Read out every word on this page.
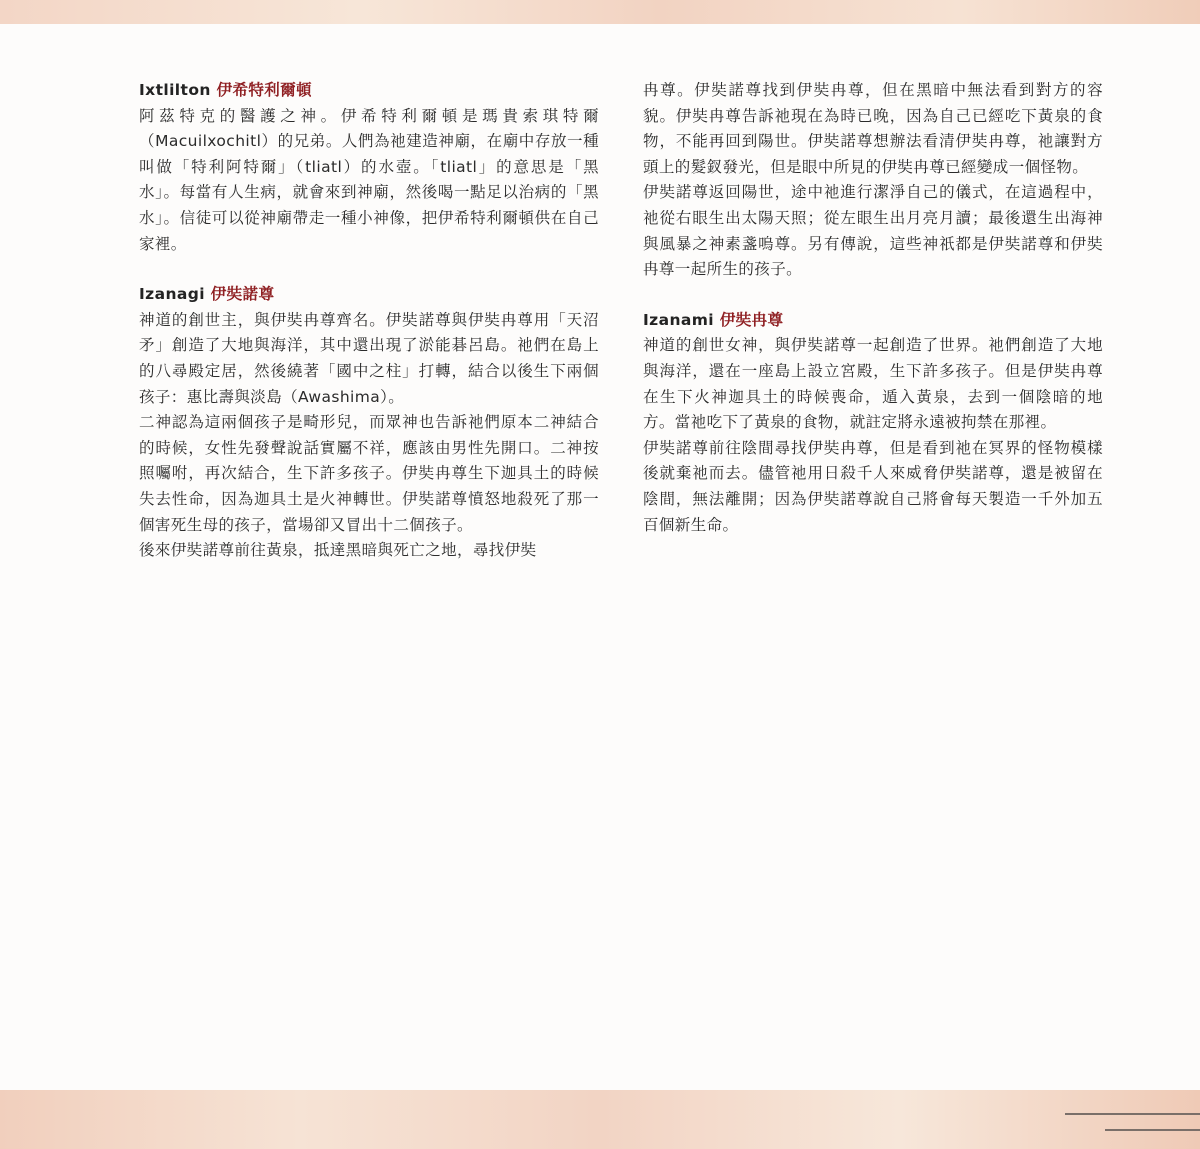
Ixtlilton 伊希特利爾頓

阿茲特克的醫護之神。伊希特利爾頓是瑪貴索琪特爾（Macuilxochitl）的兄弟。人們為祂建造神廟，在廟中存放一種叫做「特利阿特爾」（tliatl）的水壺。「tliatl」的意思是「黑水」。每當有人生病，就會來到神廟，然後喝一點足以治病的「黑水」。信徒可以從神廟帶走一種小神像，把伊希特利爾頓供在自己家裡。

Izanagi 伊奘諾尊

神道的創世主，與伊奘冉尊齊名。伊奘諾尊與伊奘冉尊用「天沼矛」創造了大地與海洋，其中還出現了淤能碁呂島。祂們在島上的八尋殿定居，然後繞著「國中之柱」打轉，結合以後生下兩個孩子：惠比壽與淡島（Awashima）。

二神認為這兩個孩子是畸形兒，而眾神也告訴祂們原本二神結合的時候，女性先發聲說話實屬不祥，應該由男性先開口。二神按照囑咐，再次結合，生下許多孩子。伊奘冉尊生下迦具土的時候失去性命，因為迦具土是火神轉世。伊奘諾尊憤怒地殺死了那一個害死生母的孩子，當場卻又冒出十二個孩子。

後來伊奘諾尊前往黃泉，抵達黑暗與死亡之地，尋找伊奘

冉尊。伊奘諾尊找到伊奘冉尊，但在黑暗中無法看到對方的容貌。伊奘冉尊告訴祂現在為時已晚，因為自己已經吃下黃泉的食物，不能再回到陽世。伊奘諾尊想辦法看清伊奘冉尊，祂讓對方頭上的髮釵發光，但是眼中所見的伊奘冉尊已經變成一個怪物。

伊奘諾尊返回陽世，途中祂進行潔淨自己的儀式，在這過程中，祂從右眼生出太陽天照；從左眼生出月亮月讀；最後還生出海神與風暴之神素盞嗚尊。另有傳說，這些神祇都是伊奘諾尊和伊奘冉尊一起所生的孩子。

Izanami 伊奘冉尊

神道的創世女神，與伊奘諾尊一起創造了世界。祂們創造了大地與海洋，還在一座島上設立宮殿，生下許多孩子。但是伊奘冉尊在生下火神迦具土的時候喪命，遁入黃泉，去到一個陰暗的地方。當祂吃下了黃泉的食物，就註定將永遠被拘禁在那裡。

伊奘諾尊前往陰間尋找伊奘冉尊，但是看到祂在冥界的怪物模樣後就棄祂而去。儘管祂用日殺千人來威脅伊奘諾尊，還是被留在陰間，無法離開；因為伊奘諾尊說自己將會每天製造一千外加五百個新生命。
